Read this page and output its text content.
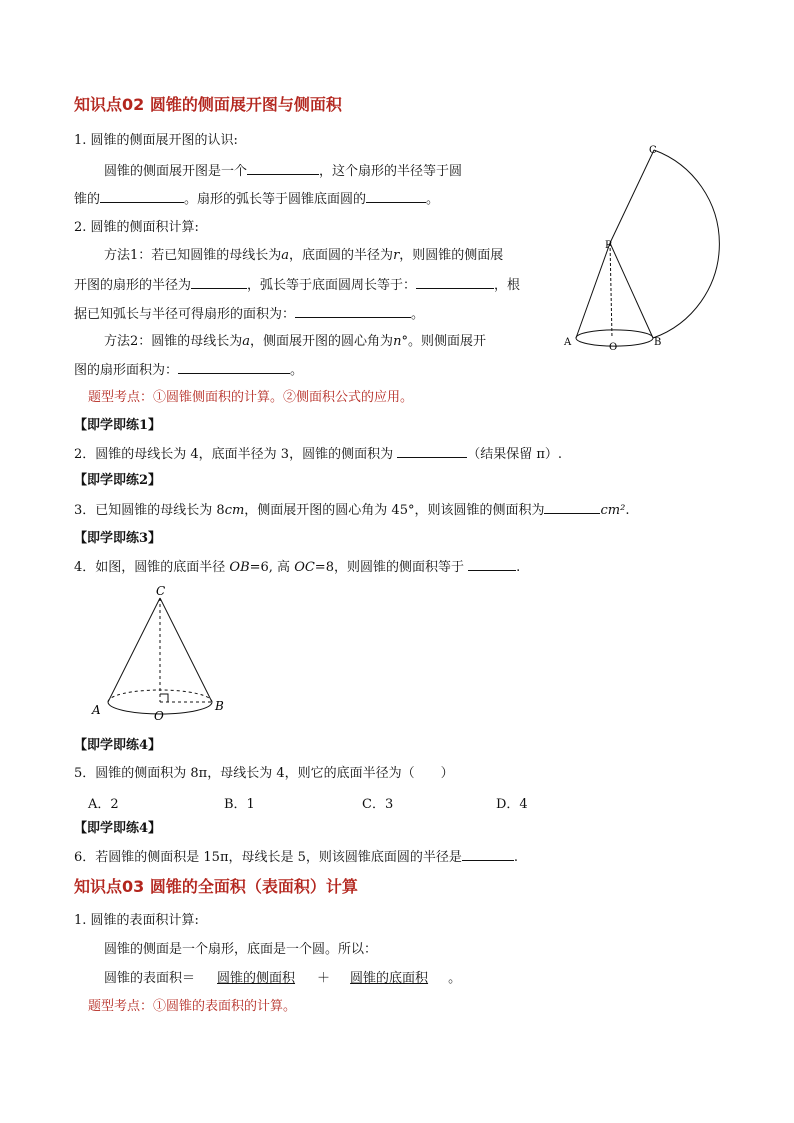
知识点02 圆锥的侧面展开图与侧面积
1. 圆锥的侧面展开图的认识:
圆锥的侧面展开图是一个	，这个扇形的半径等于圆
锥的	。扇形的弧长等于圆锥底面圆的	。
2. 圆锥的侧面积计算:
方法1：若已知圆锥的母线长为a，底面圆的半径为r，则圆锥的侧面展
开图的扇形的半径为	，弧长等于底面圆周长等于：	，根
据已知弧长与半径可得扇形的面积为：	。
方法2：圆锥的母线长为a，侧面展开图的圆心角为n°。则侧面展开
图的扇形面积为：	。
题型考点：①圆锥侧面积的计算。②侧面积公式的应用。
【即学即练1】
2．圆锥的母线长为 4，底面半径为 3，圆锥的侧面积为	（结果保留 π）.
【即学即练2】
3．已知圆锥的母线长为 8cm，侧面展开图的圆心角为 45°，则该圆锥的侧面积为	cm².
【即学即练3】
4．如图，圆锥的底面半径 OB=6, 高 OC=8，则圆锥的侧面积等于	.
C
A	O
B
【即学即练4】
5．圆锥的侧面积为 8π，母线长为 4，则它的底面半径为（　　）
A．2	B．1	C．3	D．4
【即学即练4】
6．若圆锥的侧面积是 15π，母线长是 5，则该圆锥底面圆的半径是	.
知识点03 圆锥的全面积（表面积）计算
1. 圆锥的表面积计算:
圆锥的侧面是一个扇形，底面是一个圆。所以：
圆锥的表面积＝ 圆锥的侧面积 ＋ 圆锥的底面积 。
题型考点：①圆锥的表面积的计算。
C
P
A	O	B
